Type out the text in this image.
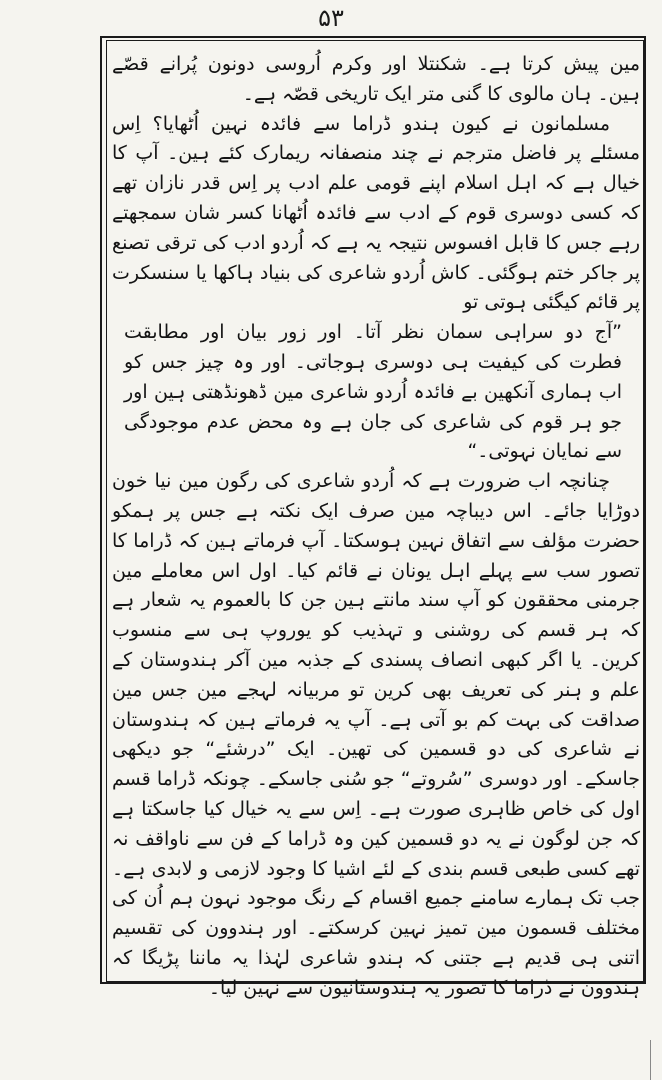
۵۳

مین پیش کرتا ہے۔ شکنتلا اور وکرم اُروسی دونون پُرانے قصّے ہین۔ ہان مالوی کا گنی متر ایک تاریخی قصّہ ہے۔

مسلمانون نے کیون ہندو ڈراما سے فائدہ نہین اُٹھایا؟ اِس مسئلے پر فاضل مترجم نے چند منصفانہ ریمارک کئے ہین۔ آپ کا خیال ہے کہ اہل اسلام اپنے قومی علم ادب پر اِس قدر نازان تھے کہ کسی دوسری قوم کے ادب سے فائدہ اُٹھانا کسر شان سمجھتے رہے جس کا قابل افسوس نتیجہ یہ ہے کہ اُردو ادب کی ترقی تصنع پر جاکر ختم ہوگئی۔ کاش اُردو شاعری کی بنیاد ہاکھا یا سنسکرت پر قائم کیگئی ہوتی تو

”آج دو سراہی سمان نظر آتا۔ اور زور بیان اور مطابقت فطرت کی کیفیت ہی دوسری ہوجاتی۔ اور وہ چیز جس کو اب ہماری آنکھین بے فائدہ اُردو شاعری مین ڈھونڈھتی ہین اور جو ہر قوم کی شاعری کی جان ہے وہ محض عدم موجودگی سے نمایان نہوتی۔“

چنانچہ اب ضرورت ہے کہ اُردو شاعری کی رگون مین نیا خون دوڑایا جائے۔ اس دیباچہ مین صرف ایک نکتہ ہے جس پر ہمکو حضرت مؤلف سے اتفاق نہین ہوسکتا۔ آپ فرماتے ہین کہ ڈراما کا تصور سب سے پہلے اہل یونان نے قائم کیا۔ اول اس معاملے مین جرمنی محققون کو آپ سند مانتے ہین جن کا بالعموم یہ شعار ہے کہ ہر قسم کی روشنی و تہذیب کو یوروپ ہی سے منسوب کرین۔ یا اگر کبھی انصاف پسندی کے جذبہ مین آکر ہندوستان کے علم و ہنر کی تعریف بھی کرین تو مربیانہ لہجے مین جس مین صداقت کی بہت کم بو آتی ہے۔ آپ یہ فرماتے ہین کہ ہندوستان نے شاعری کی دو قسمین کی تھین۔ ایک ”درشئے“ جو دیکھی جاسکے۔ اور دوسری ”سُروتے“ جو سُنی جاسکے۔ چونکہ ڈراما قسم اول کی خاص ظاہری صورت ہے۔ اِس سے یہ خیال کیا جاسکتا ہے کہ جن لوگون نے یہ دو قسمین کین وہ ڈراما کے فن سے ناواقف نہ تھے کسی طبعی قسم بندی کے لئے اشیا کا وجود لازمی و لابدی ہے۔ جب تک ہمارے سامنے جمیع اقسام کے رنگ موجود نہون ہم اُن کی مختلف قسمون مین تمیز نہین کرسکتے۔ اور ہندوون کی تقسیم اتنی ہی قدیم ہے جتنی کہ ہندو شاعری لہٰذا یہ ماننا پڑیگا کہ ہندوون نے ڈراما کا تصور یہ ہندوستانیون سے نہین لیا۔
